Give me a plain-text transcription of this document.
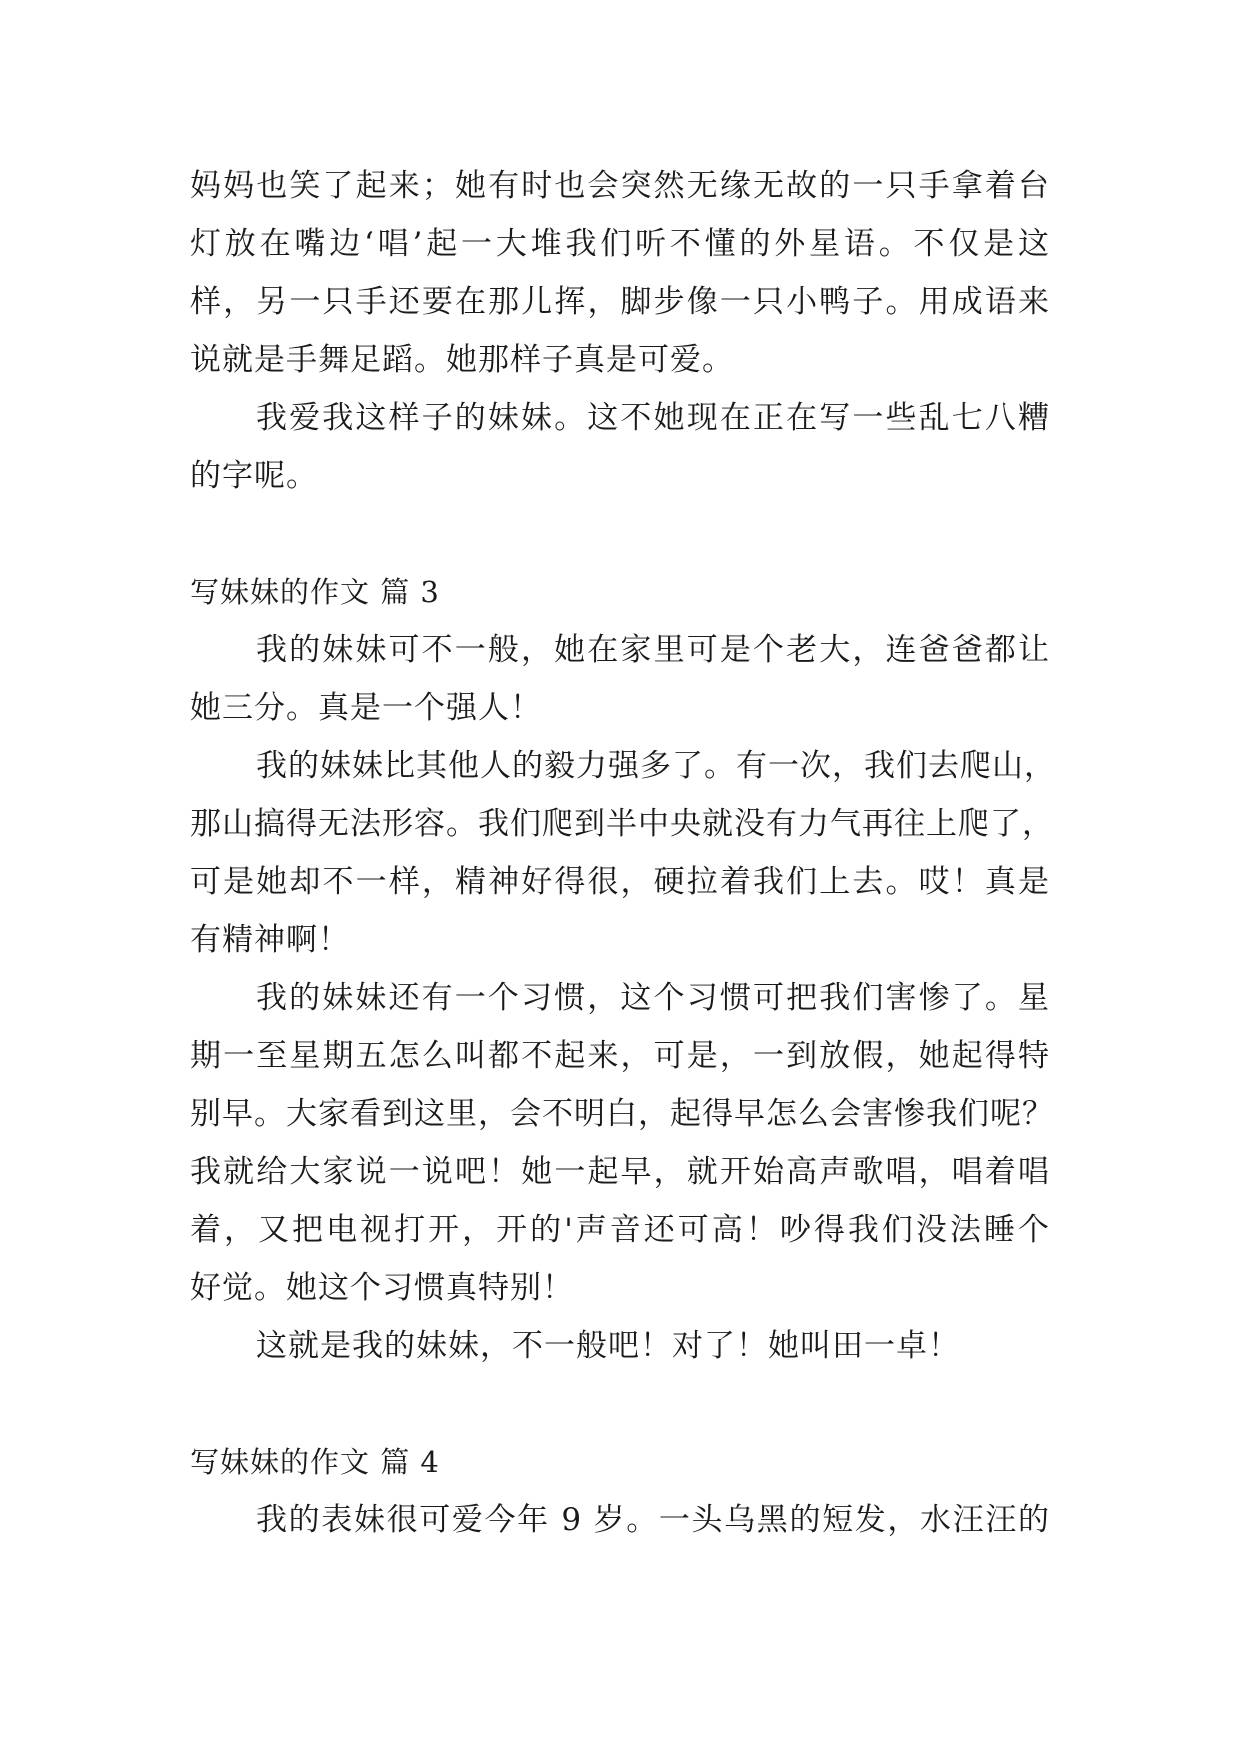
妈妈也笑了起来；她有时也会突然无缘无故的一只手拿着台
灯放在嘴边‘唱’起一大堆我们听不懂的外星语。不仅是这
样，另一只手还要在那儿挥，脚步像一只小鸭子。用成语来
说就是手舞足蹈。她那样子真是可爱。
我爱我这样子的妹妹。这不她现在正在写一些乱七八糟
的字呢。
写妹妹的作文 篇 3
我的妹妹可不一般，她在家里可是个老大，连爸爸都让
她三分。真是一个强人！
我的妹妹比其他人的毅力强多了。有一次，我们去爬山，
那山搞得无法形容。我们爬到半中央就没有力气再往上爬了，
可是她却不一样，精神好得很，硬拉着我们上去。哎！真是
有精神啊！
我的妹妹还有一个习惯，这个习惯可把我们害惨了。星
期一至星期五怎么叫都不起来，可是，一到放假，她起得特
别早。大家看到这里，会不明白，起得早怎么会害惨我们呢？
我就给大家说一说吧！她一起早，就开始高声歌唱，唱着唱
着，又把电视打开，开的'声音还可高！吵得我们没法睡个
好觉。她这个习惯真特别！
这就是我的妹妹，不一般吧！对了！她叫田一卓！
写妹妹的作文 篇 4
我的表妹很可爱今年 9 岁。一头乌黑的短发，水汪汪的
